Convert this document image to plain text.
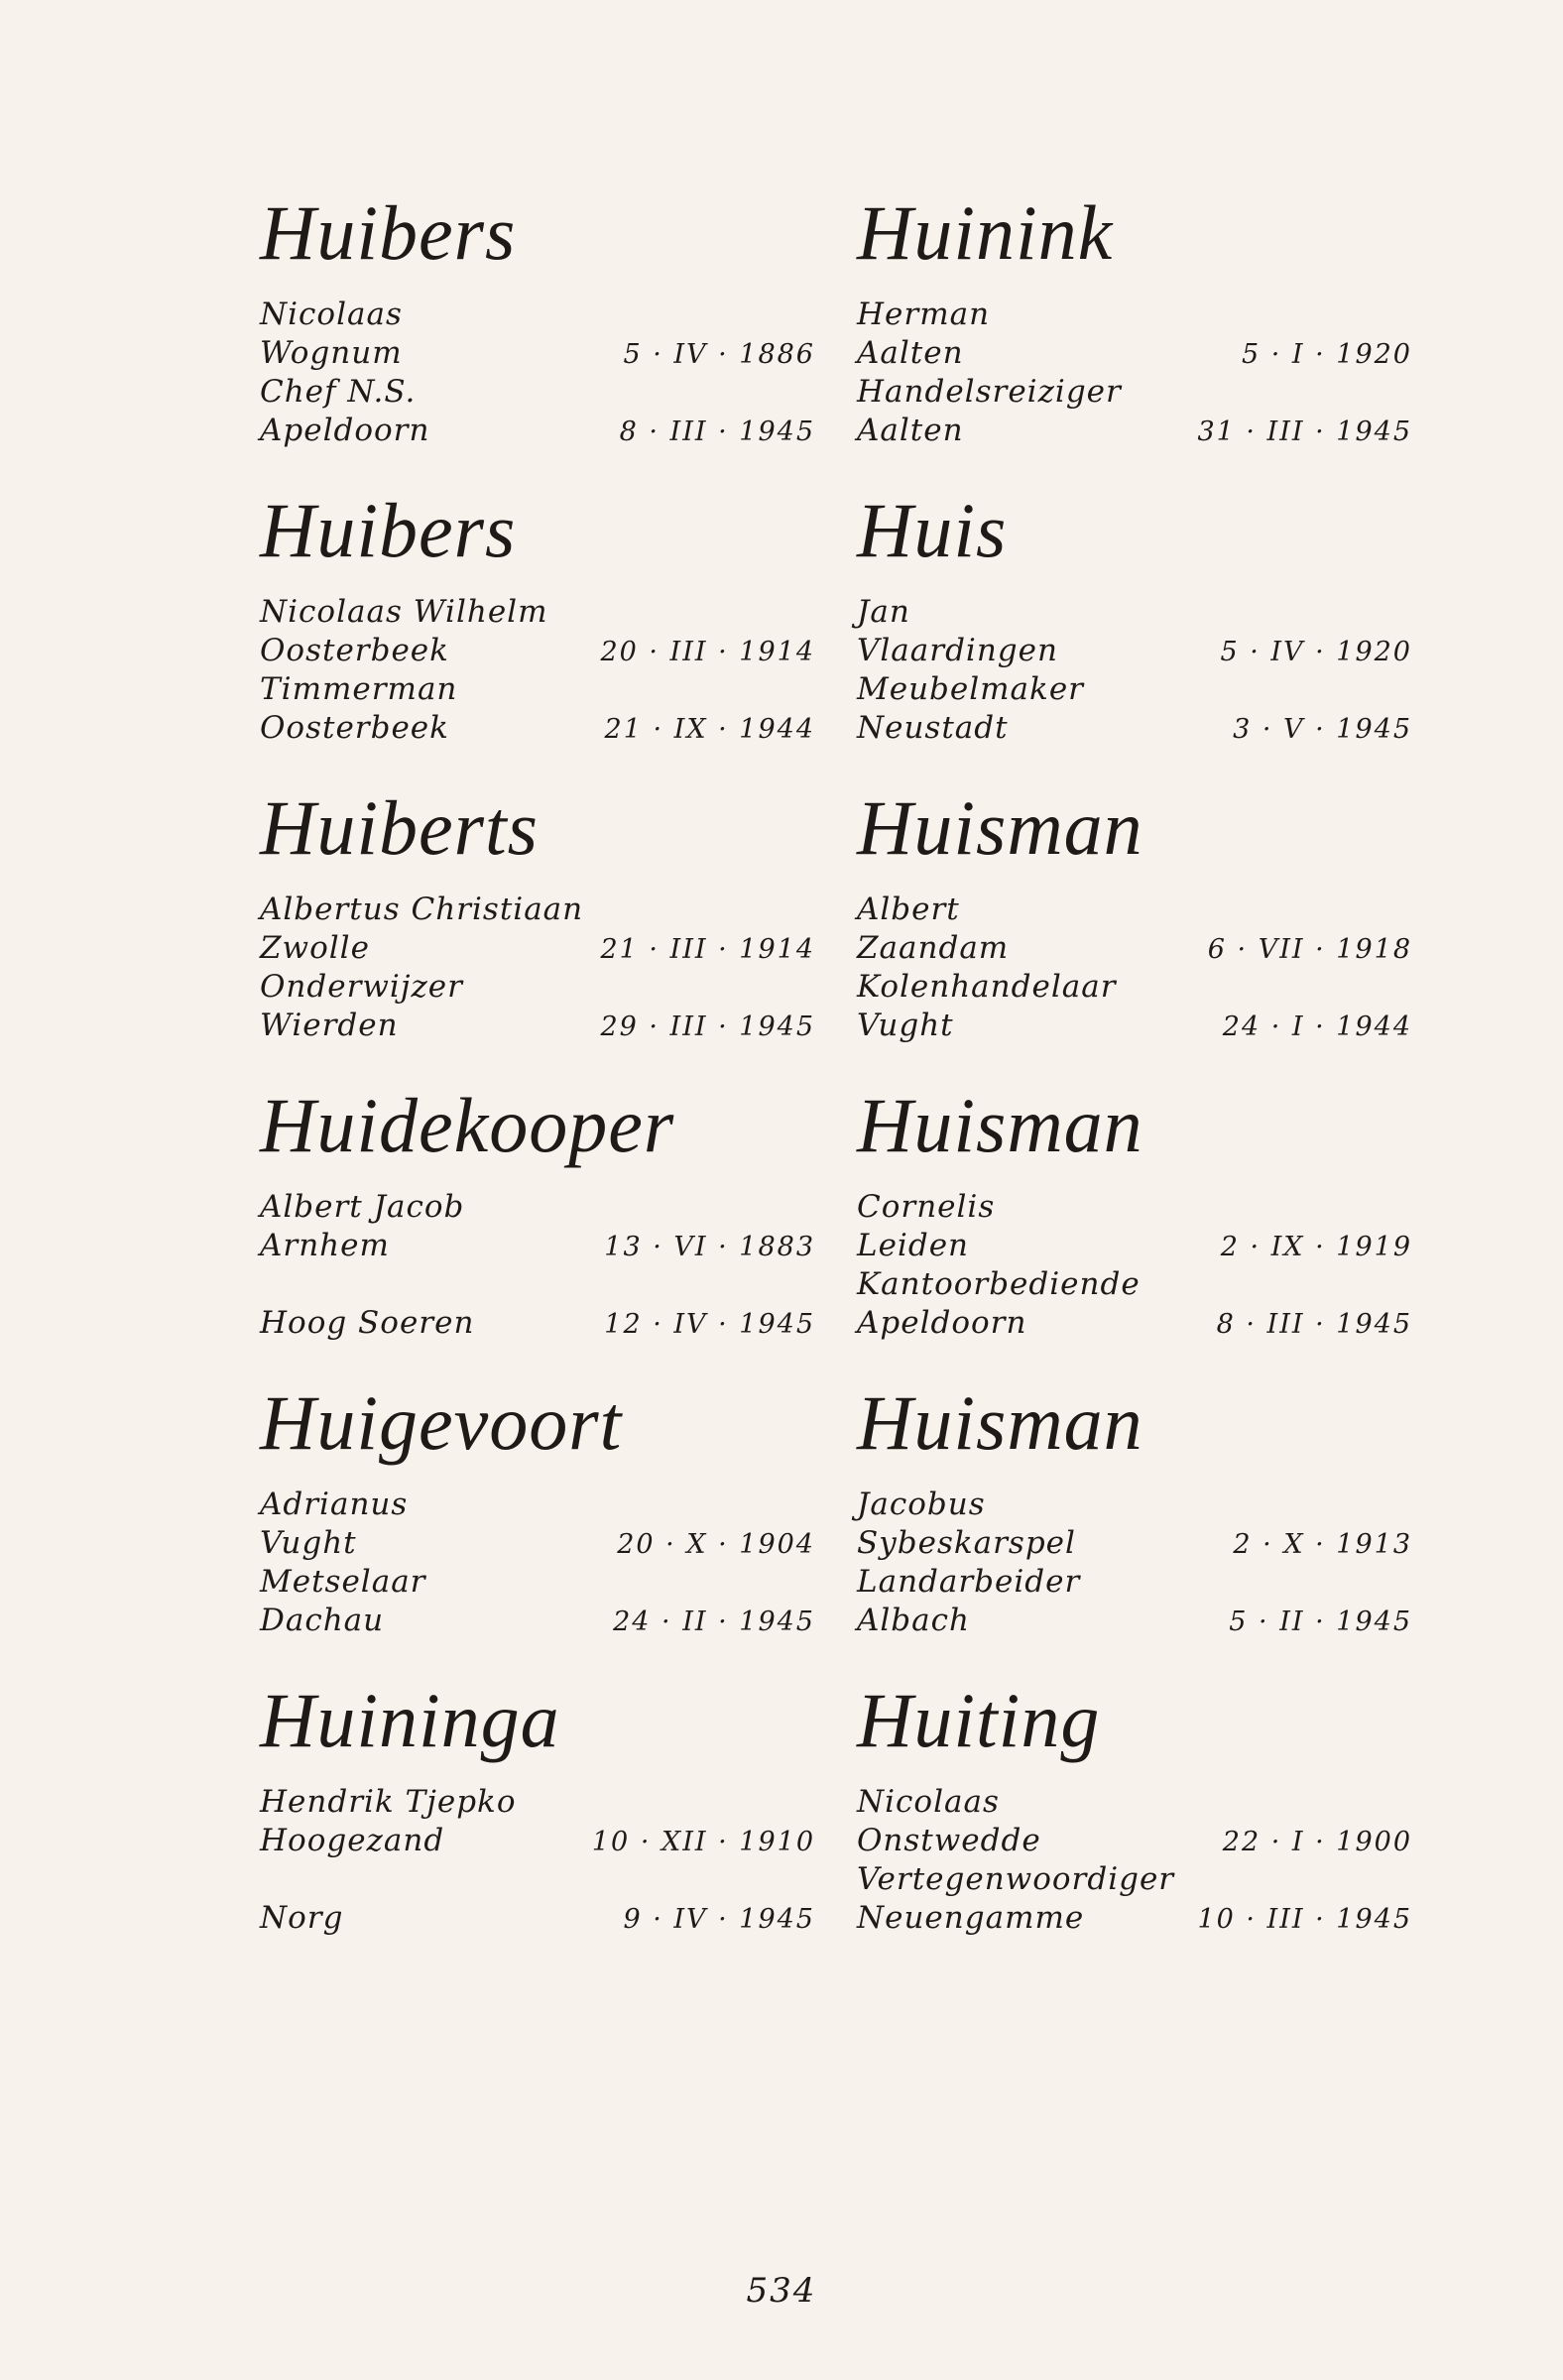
Huibers
Nicolaas
Wognum	5 · IV · 1886
Chef N.S.
Apeldoorn	8 · III · 1945
Huibers
Nicolaas Wilhelm
Oosterbeek	20 · III · 1914
Timmerman
Oosterbeek	21 · IX · 1944
Huiberts
Albertus Christiaan
Zwolle	21 · III · 1914
Onderwijzer
Wierden	29 · III · 1945
Huidekooper
Albert Jacob
Arnhem	13 · VI · 1883
Hoog Soeren	12 · IV · 1945
Huigevoort
Adrianus
Vught	20 · X · 1904
Metselaar
Dachau	24 · II · 1945
Huininga
Hendrik Tjepko
Hoogezand	10 · XII · 1910
Norg	9 · IV · 1945
Huinink
Herman
Aalten	5 · I · 1920
Handelsreiziger
Aalten	31 · III · 1945
Huis
Jan
Vlaardingen	5 · IV · 1920
Meubelmaker
Neustadt	3 · V · 1945
Huisman
Albert
Zaandam	6 · VII · 1918
Kolenhandelaar
Vught	24 · I · 1944
Huisman
Cornelis
Leiden	2 · IX · 1919
Kantoorbediende
Apeldoorn	8 · III · 1945
Huisman
Jacobus
Sybeskarspel	2 · X · 1913
Landarbeider
Albach	5 · II · 1945
Huiting
Nicolaas
Onstwedde	22 · I · 1900
Vertegenwoordiger
Neuengamme	10 · III · 1945
534
